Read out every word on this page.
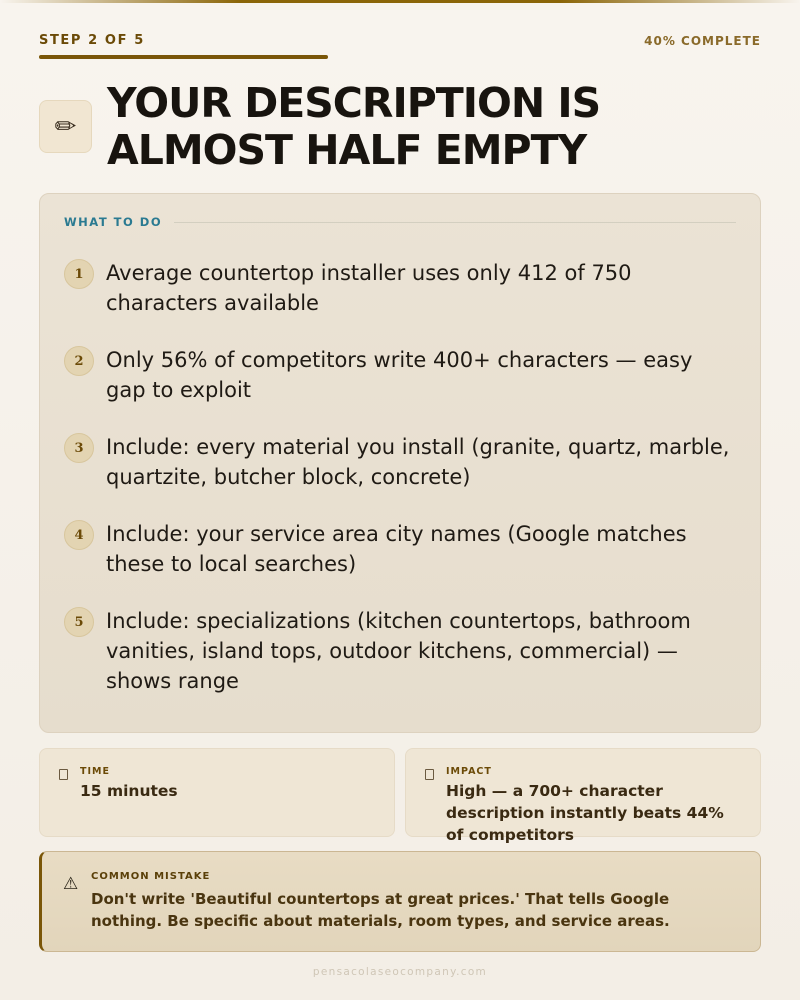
STEP 2 OF 5	40% COMPLETE
✏ YOUR DESCRIPTION IS ALMOST HALF EMPTY
WHAT TO DO
1	Average countertop installer uses only 412 of 750 characters available
2	Only 56% of competitors write 400+ characters — easy gap to exploit
3	Include: every material you install (granite, quartz, marble, quartzite, butcher block, concrete)
4	Include: your service area city names (Google matches these to local searches)
5	Include: specializations (kitchen countertops, bathroom vanities, island tops, outdoor kitchens, commercial) — shows range
TIME
15 minutes
IMPACT
High — a 700+ character description instantly beats 44% of competitors
⚠ COMMON MISTAKE
Don't write 'Beautiful countertops at great prices.' That tells Google nothing. Be specific about materials, room types, and service areas.
pensacolaseocompany.com
